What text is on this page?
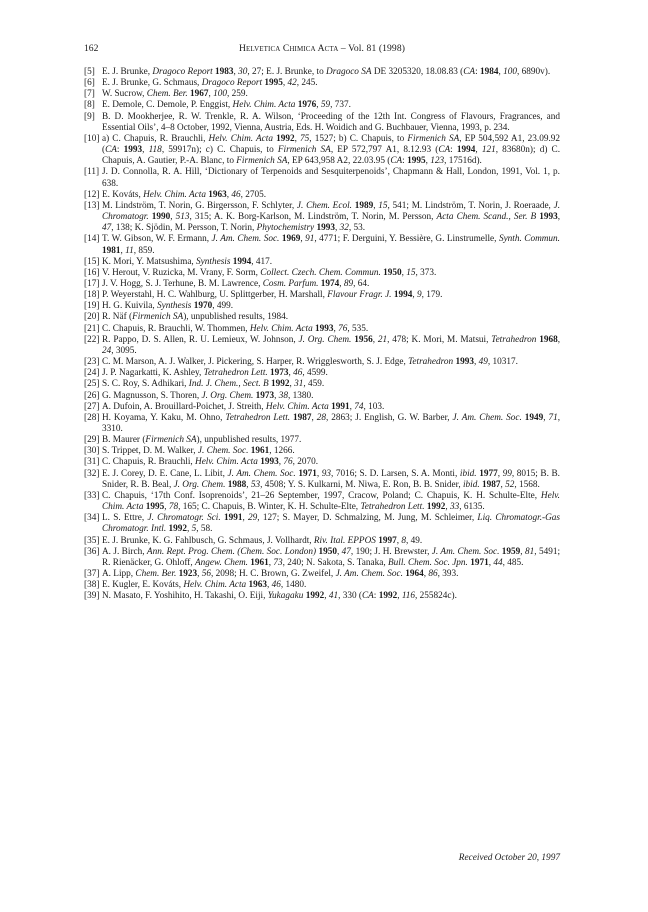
162	Helvetica Chimica Acta – Vol. 81 (1998)

[5] E. J. Brunke, Dragoco Report 1983, 30, 27; E. J. Brunke, to Dragoco SA DE 3205320, 18.08.83 (CA: 1984, 100, 6890v).

[6] E. J. Brunke, G. Schmaus, Dragoco Report 1995, 42, 245.

[7] W. Sucrow, Chem. Ber. 1967, 100, 259.

[8] E. Demole, C. Demole, P. Enggist, Helv. Chim. Acta 1976, 59, 737.

[9] B. D. Mookherjee, R. W. Trenkle, R. A. Wilson, ‘Proceeding of the 12th Int. Congress of Flavours, Fragrances, and Essential Oils’, 4–8 October, 1992, Vienna, Austria, Eds. H. Woidich and G. Buchbauer, Vienna, 1993, p. 234.

[10] a) C. Chapuis, R. Brauchli, Helv. Chim. Acta 1992, 75, 1527; b) C. Chapuis, to Firmenich SA, EP 504,592 A1, 23.09.92 (CA: 1993, 118, 59917n); c) C. Chapuis, to Firmenich SA, EP 572,797 A1, 8.12.93 (CA: 1994, 121, 83680n); d) C. Chapuis, A. Gautier, P.-A. Blanc, to Firmenich SA, EP 643,958 A2, 22.03.95 (CA: 1995, 123, 17516d).

[11] J. D. Connolla, R. A. Hill, ‘Dictionary of Terpenoids and Sesquiterpenoids’, Chapmann & Hall, London, 1991, Vol. 1, p. 638.

[12] E. Kováts, Helv. Chim. Acta 1963, 46, 2705.

[13] M. Lindström, T. Norin, G. Birgersson, F. Schlyter, J. Chem. Ecol. 1989, 15, 541; M. Lindström, T. Norin, J. Roeraade, J. Chromatogr. 1990, 513, 315; A. K. Borg-Karlson, M. Lindström, T. Norin, M. Persson, Acta Chem. Scand., Ser. B 1993, 47, 138; K. Sjödin, M. Persson, T. Norin, Phytochemistry 1993, 32, 53.

[14] T. W. Gibson, W. F. Ermann, J. Am. Chem. Soc. 1969, 91, 4771; F. Derguini, Y. Bessière, G. Linstrumelle, Synth. Commun. 1981, 11, 859.

[15] K. Mori, Y. Matsushima, Synthesis 1994, 417.

[16] V. Herout, V. Ruzicka, M. Vrany, F. Sorm, Collect. Czech. Chem. Commun. 1950, 15, 373.

[17] J. V. Hogg, S. J. Terhune, B. M. Lawrence, Cosm. Parfum. 1974, 89, 64.

[18] P. Weyerstahl, H. C. Wahlburg, U. Splittgerber, H. Marshall, Flavour Fragr. J. 1994, 9, 179.

[19] H. G. Kuivila, Synthesis 1970, 499.

[20] R. Näf (Firmenich SA), unpublished results, 1984.

[21] C. Chapuis, R. Brauchli, W. Thommen, Helv. Chim. Acta 1993, 76, 535.

[22] R. Pappo, D. S. Allen, R. U. Lemieux, W. Johnson, J. Org. Chem. 1956, 21, 478; K. Mori, M. Matsui, Tetrahedron 1968, 24, 3095.

[23] C. M. Marson, A. J. Walker, J. Pickering, S. Harper, R. Wrigglesworth, S. J. Edge, Tetrahedron 1993, 49, 10317.

[24] J. P. Nagarkatti, K. Ashley, Tetrahedron Lett. 1973, 46, 4599.

[25] S. C. Roy, S. Adhikari, Ind. J. Chem., Sect. B 1992, 31, 459.

[26] G. Magnusson, S. Thoren, J. Org. Chem. 1973, 38, 1380.

[27] A. Dufoin, A. Brouillard-Poichet, J. Streith, Helv. Chim. Acta 1991, 74, 103.

[28] H. Koyama, Y. Kaku, M. Ohno, Tetrahedron Lett. 1987, 28, 2863; J. English, G. W. Barber, J. Am. Chem. Soc. 1949, 71, 3310.

[29] B. Maurer (Firmenich SA), unpublished results, 1977.

[30] S. Trippet, D. M. Walker, J. Chem. Soc. 1961, 1266.

[31] C. Chapuis, R. Brauchli, Helv. Chim. Acta 1993, 76, 2070.

[32] E. J. Corey, D. E. Cane, L. Libit, J. Am. Chem. Soc. 1971, 93, 7016; S. D. Larsen, S. A. Monti, ibid. 1977, 99, 8015; B. B. Snider, R. B. Beal, J. Org. Chem. 1988, 53, 4508; Y. S. Kulkarni, M. Niwa, E. Ron, B. B. Snider, ibid. 1987, 52, 1568.

[33] C. Chapuis, ‘17th Conf. Isoprenoids’, 21–26 September, 1997, Cracow, Poland; C. Chapuis, K. H. Schulte-Elte, Helv. Chim. Acta 1995, 78, 165; C. Chapuis, B. Winter, K. H. Schulte-Elte, Tetrahedron Lett. 1992, 33, 6135.

[34] L. S. Ettre, J. Chromatogr. Sci. 1991, 29, 127; S. Mayer, D. Schmalzing, M. Jung, M. Schleimer, Liq. Chromatogr.-Gas Chromatogr. Intl. 1992, 5, 58.

[35] E. J. Brunke, K. G. Fahlbusch, G. Schmaus, J. Vollhardt, Riv. Ital. EPPOS 1997, 8, 49.

[36] A. J. Birch, Ann. Rept. Prog. Chem. (Chem. Soc. London) 1950, 47, 190; J. H. Brewster, J. Am. Chem. Soc. 1959, 81, 5491; R. Rienäcker, G. Ohloff, Angew. Chem. 1961, 73, 240; N. Sakota, S. Tanaka, Bull. Chem. Soc. Jpn. 1971, 44, 485.

[37] A. Lipp, Chem. Ber. 1923, 56, 2098; H. C. Brown, G. Zweifel, J. Am. Chem. Soc. 1964, 86, 393.

[38] E. Kugler, E. Kováts, Helv. Chim. Acta 1963, 46, 1480.

[39] N. Masato, F. Yoshihito, H. Takashi, O. Eiji, Yukagaku 1992, 41, 330 (CA: 1992, 116, 255824c).

Received October 20, 1997
